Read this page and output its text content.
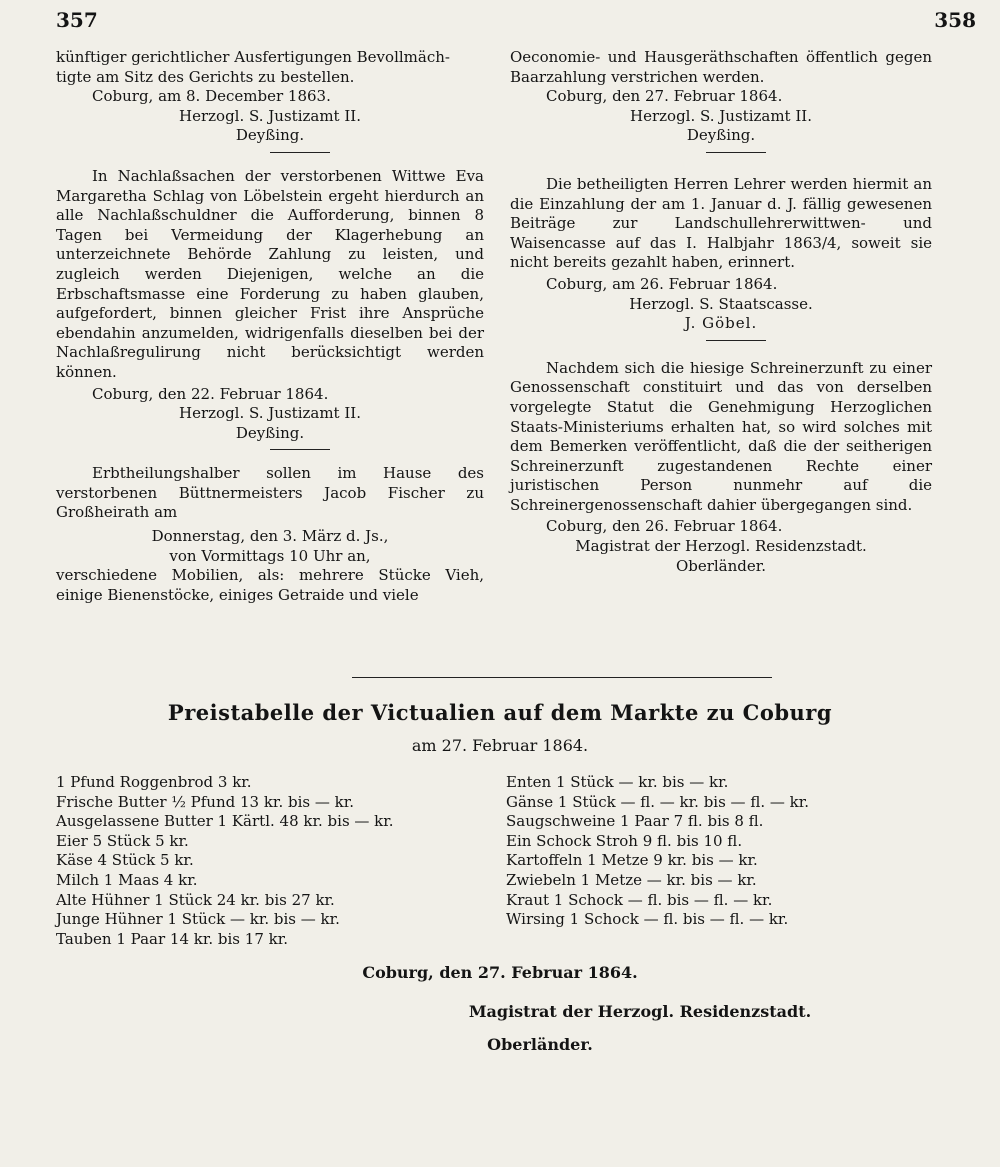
357	358

künftiger gerichtlicher Ausfertigungen Bevollmäch-

tigte am Sitz des Gerichts zu bestellen.

Coburg, am 8. December 1863.

Herzogl. S. Justizamt II.

Deyßing.

In Nachlaßsachen der verstorbenen Wittwe Eva Margaretha Schlag von Löbelstein ergeht hierdurch an alle Nachlaßschuldner die Aufforderung, binnen 8 Tagen bei Vermeidung der Klagerhebung an unterzeichnete Behörde Zahlung zu leisten, und zugleich werden Diejenigen, welche an die Erbschaftsmasse eine Forderung zu haben glauben, aufgefordert, binnen gleicher Frist ihre Ansprüche ebendahin anzumelden, widrigenfalls dieselben bei der Nachlaßregulirung nicht berücksichtigt werden können.

Coburg, den 22. Februar 1864.

Herzogl. S. Justizamt II.

Deyßing.

Erbtheilungshalber sollen im Hause des verstorbenen Büttnermeisters Jacob Fischer zu Großheirath am

Donnerstag, den 3. März d. Js.,

von Vormittags 10 Uhr an,

verschiedene Mobilien, als: mehrere Stücke Vieh, einige Bienenstöcke, einiges Getraide und viele

Oeconomie- und Hausgeräthschaften öffentlich gegen Baarzahlung verstrichen werden.

Coburg, den 27. Februar 1864.

Herzogl. S. Justizamt II.

Deyßing.

Die betheiligten Herren Lehrer werden hiermit an die Einzahlung der am 1. Januar d. J. fällig gewesenen Beiträge zur Landschullehrerwittwen- und Waisencasse auf das I. Halbjahr 1863/4, soweit sie nicht bereits gezahlt haben, erinnert.

Coburg, am 26. Februar 1864.

Herzogl. S. Staatscasse.

J. Göbel.

Nachdem sich die hiesige Schreinerzunft zu einer Genossenschaft constituirt und das von derselben vorgelegte Statut die Genehmigung Herzoglichen Staats-Ministeriums erhalten hat, so wird solches mit dem Bemerken veröffentlicht, daß die der seitherigen Schreinerzunft zugestandenen Rechte einer juristischen Person nunmehr auf die Schreinergenossenschaft dahier übergegangen sind.

Coburg, den 26. Februar 1864.

Magistrat der Herzogl. Residenzstadt.

Oberländer.

Preistabelle der Victualien auf dem Markte zu Coburg
am 27. Februar 1864.
1 Pfund Roggenbrod 3 kr.
Frische Butter ½ Pfund 13 kr. bis — kr.
Ausgelassene Butter 1 Kärtl. 48 kr. bis — kr.
Eier 5 Stück 5 kr.
Käse 4 Stück 5 kr.
Milch 1 Maas 4 kr.
Alte Hühner 1 Stück 24 kr. bis 27 kr.
Junge Hühner 1 Stück — kr. bis — kr.
Tauben 1 Paar 14 kr. bis 17 kr.
Enten 1 Stück — kr. bis — kr.
Gänse 1 Stück — fl. — kr. bis — fl. — kr.
Saugschweine 1 Paar 7 fl. bis 8 fl.
Ein Schock Stroh 9 fl. bis 10 fl.
Kartoffeln 1 Metze 9 kr. bis — kr.
Zwiebeln 1 Metze — kr. bis — kr.
Kraut 1 Schock — fl. bis — fl. — kr.
Wirsing 1 Schock — fl. bis — fl. — kr.
Coburg, den 27. Februar 1864.
Magistrat der Herzogl. Residenzstadt.
Oberländer.
